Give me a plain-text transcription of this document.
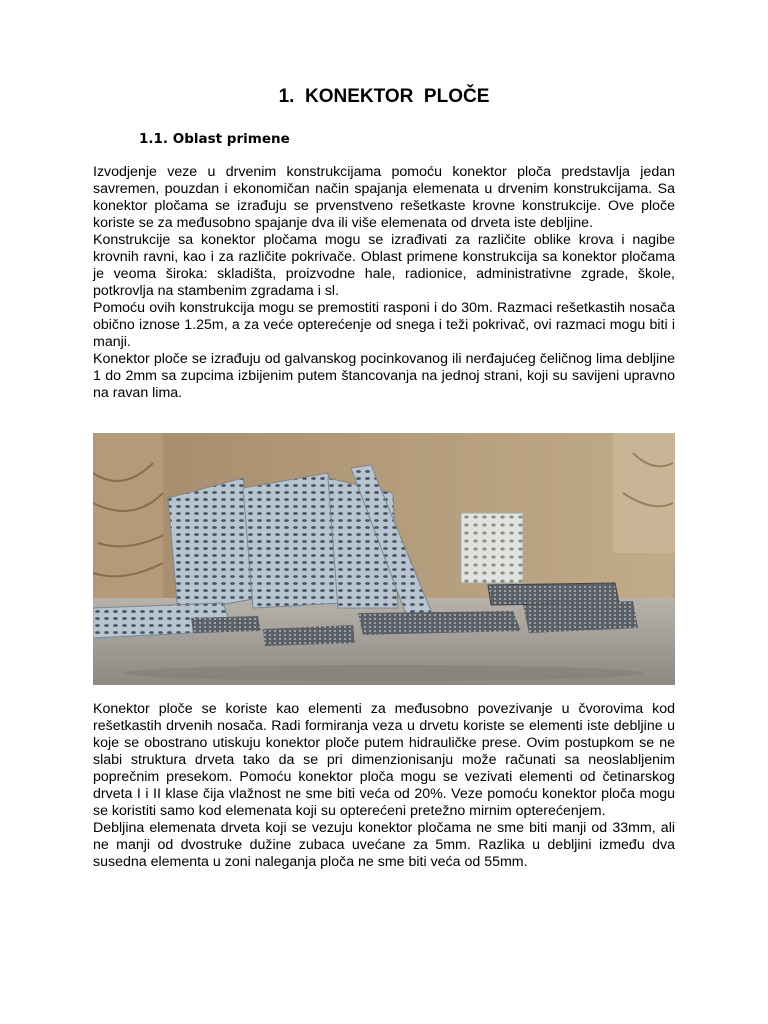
1.  KONEKTOR  PLOČE
1.1. Oblast primene

Izvodjenje veze u drvenim konstrukcijama pomoću konektor ploča predstavlja jedan savremen, pouzdan i ekonomičan način spajanja elemenata u drvenim konstrukcijama. Sa konektor pločama se izrađuju se prvenstveno rešetkaste krovne konstrukcije. Ove ploče koriste se za međusobno spajanje dva ili više elemenata od drveta iste debljine.

Konstrukcije sa konektor pločama mogu se izrađivati za različite oblike krova i nagibe krovnih ravni, kao i za različite pokrivače. Oblast primene konstrukcija sa konektor pločama je veoma široka: skladišta, proizvodne hale, radionice, administrativne zgrade, škole, potkrovlja na stambenim zgradama i sl.

Pomoću ovih konstrukcija mogu se premostiti rasponi i do 30m. Razmaci rešetkastih nosača obično iznose 1.25m, a za veće opterećenje od snega i teži pokrivač, ovi razmaci mogu biti i manji.

Konektor ploče se izrađuju od galvanskog pocinkovanog ili nerđajućeg čeličnog lima debljine 1 do 2mm sa zupcima izbijenim putem štancovanja na jednoj strani, koji su savijeni upravno na ravan lima.

Konektor ploče se koriste kao elementi za međusobno povezivanje u čvorovima kod rešetkastih drvenih nosača. Radi formiranja veza u drvetu koriste se elementi iste debljine u koje se obostrano utiskuju konektor ploče putem hidrauličke prese. Ovim postupkom se ne slabi struktura drveta tako da se pri dimenzionisanju može računati sa neoslabljenim poprečnim presekom. Pomoću konektor ploča mogu se vezivati elementi od četinarskog drveta I i II klase čija vlažnost ne sme biti veća od 20%. Veze pomoću konektor ploča mogu se koristiti samo kod elemenata koji su opterećeni pretežno mirnim opterećenjem.

Debljina elemenata drveta koji se vezuju konektor pločama ne sme biti manji od 33mm, ali ne manji od dvostruke dužine zubaca uvećane za 5mm. Razlika u debljini između dva susedna elementa u zoni naleganja ploča ne sme biti veća od 55mm.
